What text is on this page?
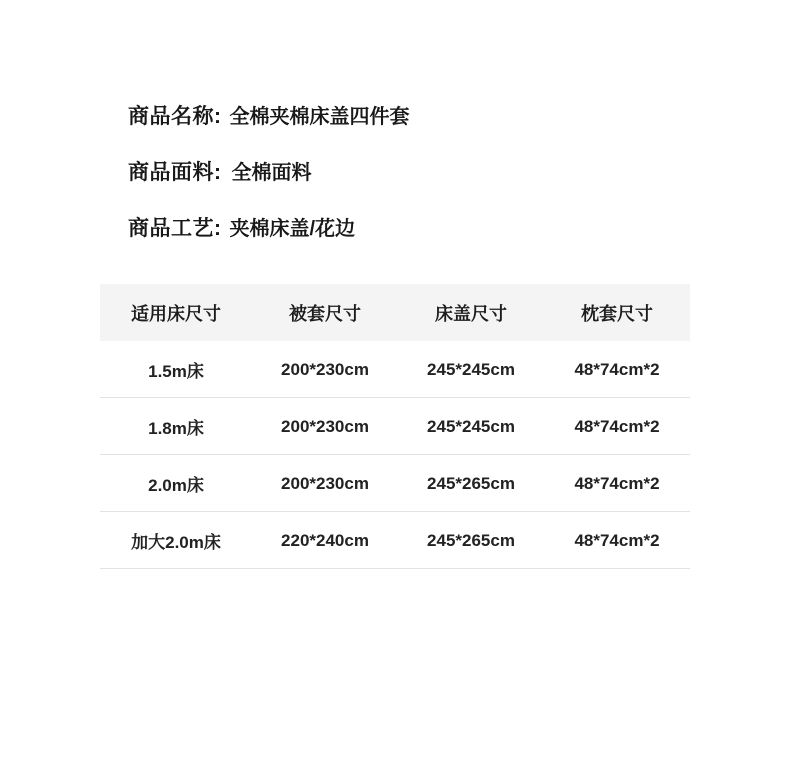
商品名称: 全棉夹棉床盖四件套
商品面料: 全棉面料
商品工艺: 夹棉床盖/花边
适用床尺寸	被套尺寸	床盖尺寸	枕套尺寸
1.5m床	200*230cm	245*245cm	48*74cm*2
1.8m床	200*230cm	245*245cm	48*74cm*2
2.0m床	200*230cm	245*265cm	48*74cm*2
加大2.0m床	220*240cm	245*265cm	48*74cm*2
